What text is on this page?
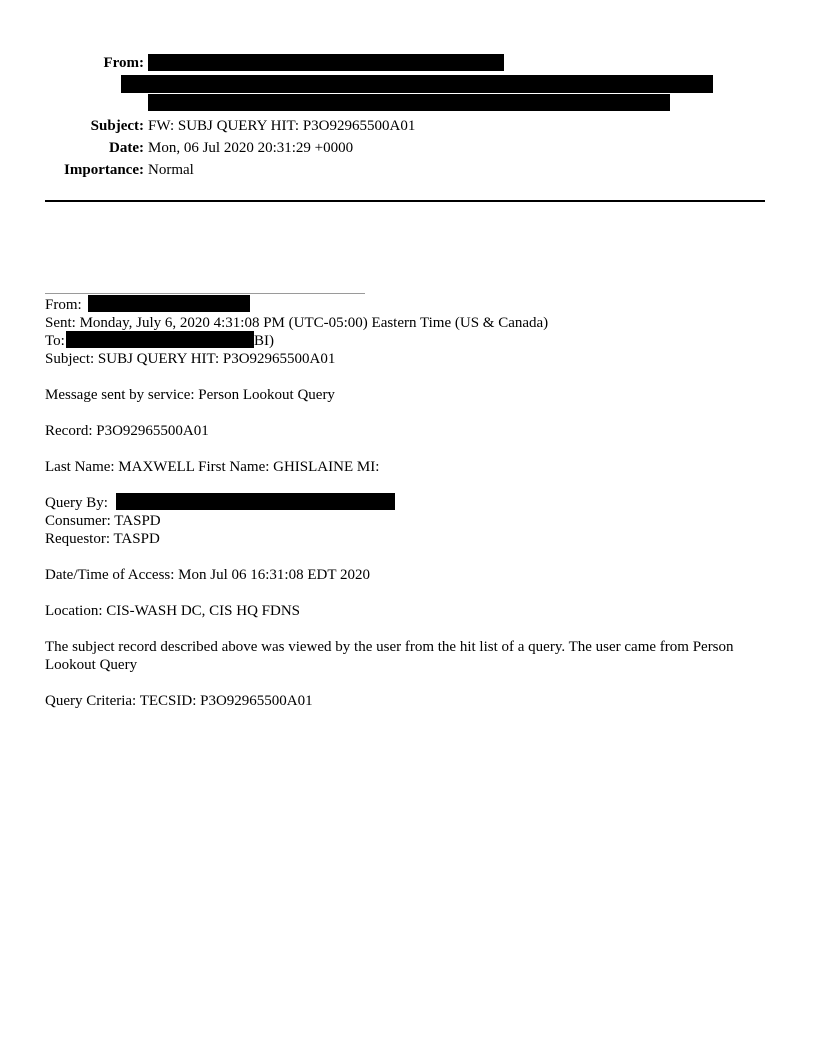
From:
Subject: FW: SUBJ QUERY HIT: P3O92965500A01
Date: Mon, 06 Jul 2020 20:31:29 +0000
Importance: Normal
From:
Sent: Monday, July 6, 2020 4:31:08 PM (UTC-05:00) Eastern Time (US & Canada)
To:	BI)
Subject: SUBJ QUERY HIT: P3O92965500A01
Message sent by service: Person Lookout Query
Record: P3O92965500A01
Last Name: MAXWELL First Name: GHISLAINE MI:
Query By:
Consumer: TASPD
Requestor: TASPD
Date/Time of Access: Mon Jul 06 16:31:08 EDT 2020
Location: CIS-WASH DC, CIS HQ FDNS
The subject record described above was viewed by the user from the hit list of a query. The user came from Person Lookout Query
Query Criteria: TECSID: P3O92965500A01
